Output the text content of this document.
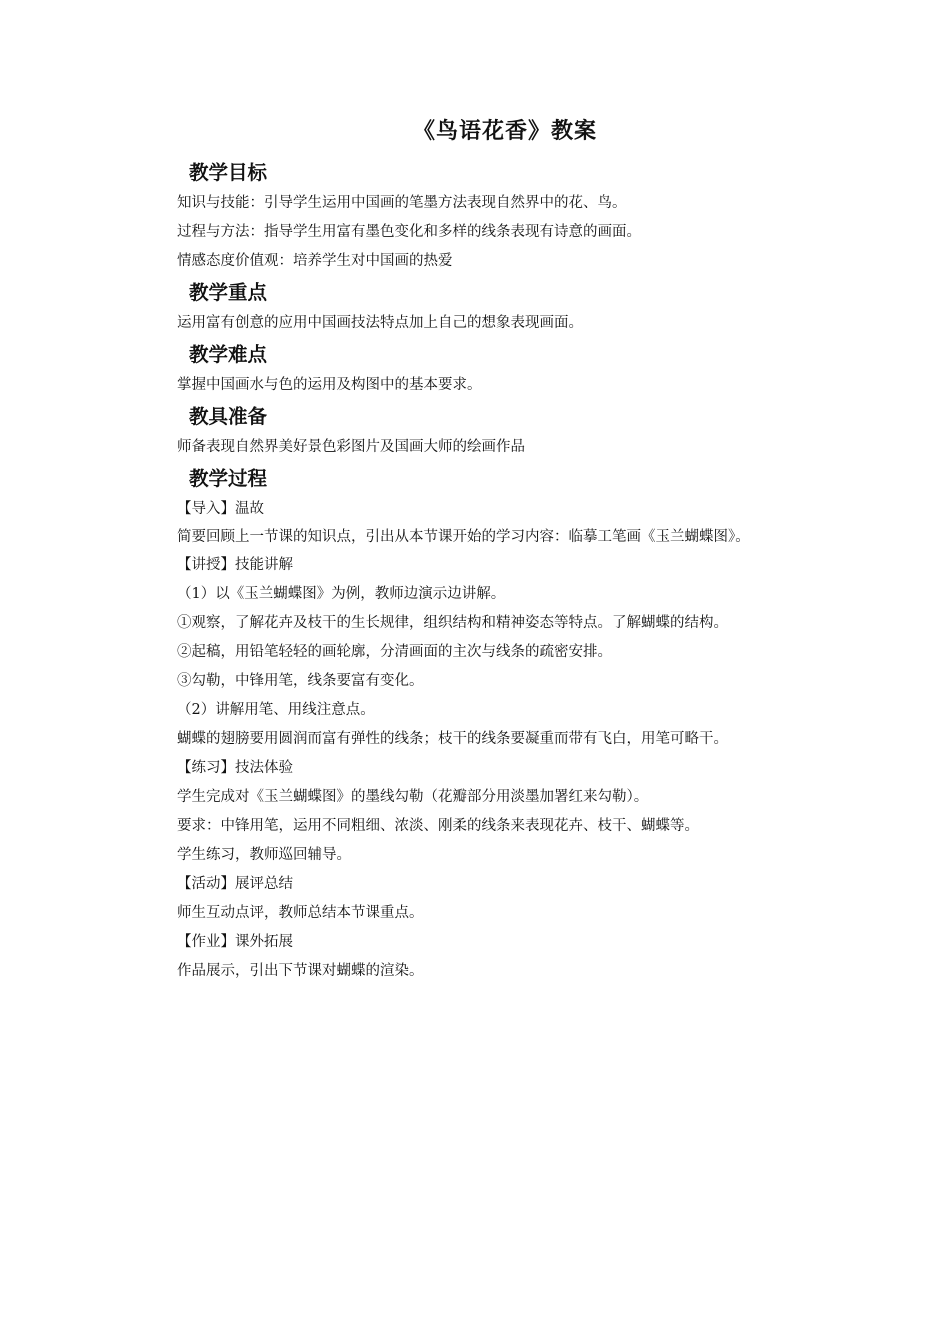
《鸟语花香》教案
教学目标

知识与技能：引导学生运用中国画的笔墨方法表现自然界中的花、鸟。

过程与方法：指导学生用富有墨色变化和多样的线条表现有诗意的画面。

情感态度价值观：培养学生对中国画的热爱

教学重点

运用富有创意的应用中国画技法特点加上自己的想象表现画面。

教学难点

掌握中国画水与色的运用及构图中的基本要求。

教具准备

师备表现自然界美好景色彩图片及国画大师的绘画作品

教学过程

【导入】温故

简要回顾上一节课的知识点，引出从本节课开始的学习内容：临摹工笔画《玉兰蝴蝶图》。

【讲授】技能讲解

（1）以《玉兰蝴蝶图》为例，教师边演示边讲解。

①观察，了解花卉及枝干的生长规律，组织结构和精神姿态等特点。了解蝴蝶的结构。

②起稿，用铅笔轻轻的画轮廓，分清画面的主次与线条的疏密安排。

③勾勒，中锋用笔，线条要富有变化。

（2）讲解用笔、用线注意点。

蝴蝶的翅膀要用圆润而富有弹性的线条；枝干的线条要凝重而带有飞白，用笔可略干。

【练习】技法体验

学生完成对《玉兰蝴蝶图》的墨线勾勒（花瓣部分用淡墨加署红来勾勒）。

要求：中锋用笔，运用不同粗细、浓淡、刚柔的线条来表现花卉、枝干、蝴蝶等。

学生练习，教师巡回辅导。

【活动】展评总结

师生互动点评，教师总结本节课重点。

【作业】课外拓展

作品展示，引出下节课对蝴蝶的渲染。
